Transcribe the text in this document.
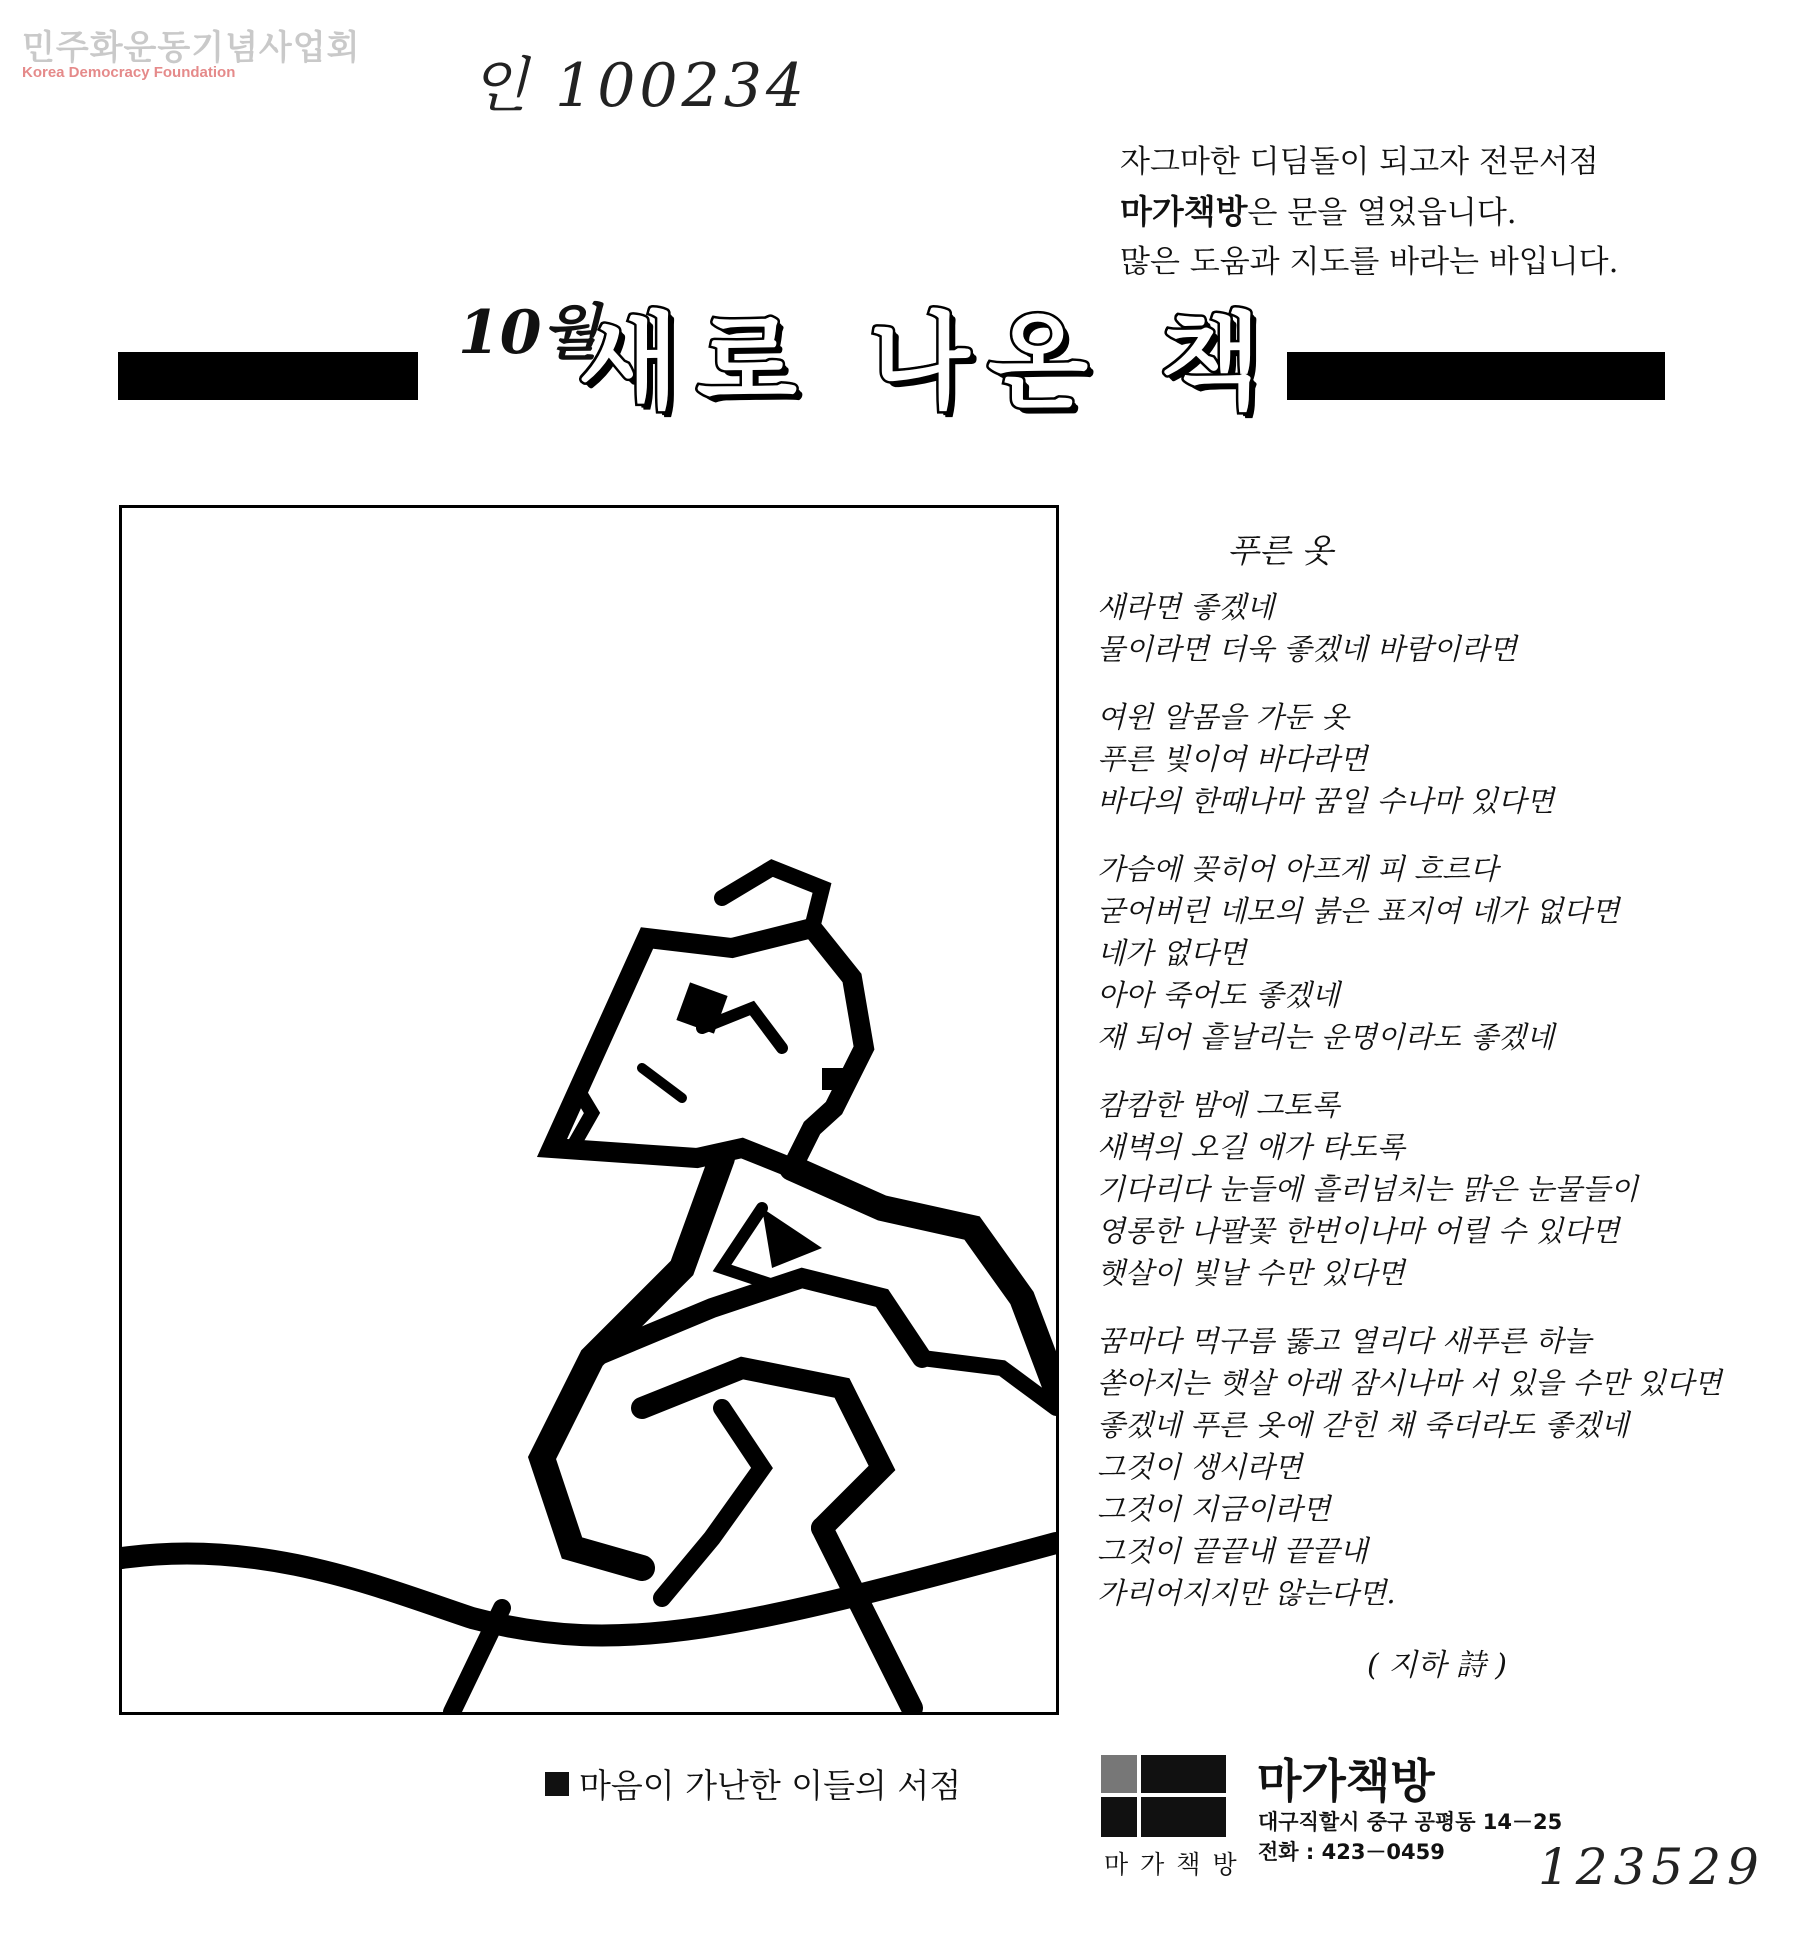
민주화운동기념사업회
Korea Democracy Foundation	인 100234
자그마한 디딤돌이 되고자 전문서점
마가책방은 문을 열었읍니다.
많은 도움과 지도를 바라는 바입니다.
10월
새로 나온 책
푸른 옷
새라면 좋겠네
물이라면 더욱 좋겠네 바람이라면
여윈 알몸을 가둔 옷
푸른 빛이여 바다라면
바다의 한때나마 꿈일 수나마 있다면
가슴에 꽂히어 아프게 피 흐르다
굳어버린 네모의 붉은 표지여 네가 없다면
네가 없다면
아아 죽어도 좋겠네
재 되어 흩날리는 운명이라도 좋겠네
캄캄한 밤에 그토록
새벽의 오길 애가 타도록
기다리다 눈들에 흘러넘치는 맑은 눈물들이
영롱한 나팔꽃 한번이나마 어릴 수 있다면
햇살이 빛날 수만 있다면
꿈마다 먹구름 뚫고 열리다 새푸른 하늘
쏟아지는 햇살 아래 잠시나마 서 있을 수만 있다면
좋겠네 푸른 옷에 갇힌 채 죽더라도 좋겠네
그것이 생시라면
그것이 지금이라면
그것이 끝끝내 끝끝내
가리어지지만 않는다면.
( 지하 詩 )
마음이 가난한 이들의 서점
마가책방
마가책방
대구직할시 중구 공평동 14－25
전화 : 423－0459 123529
